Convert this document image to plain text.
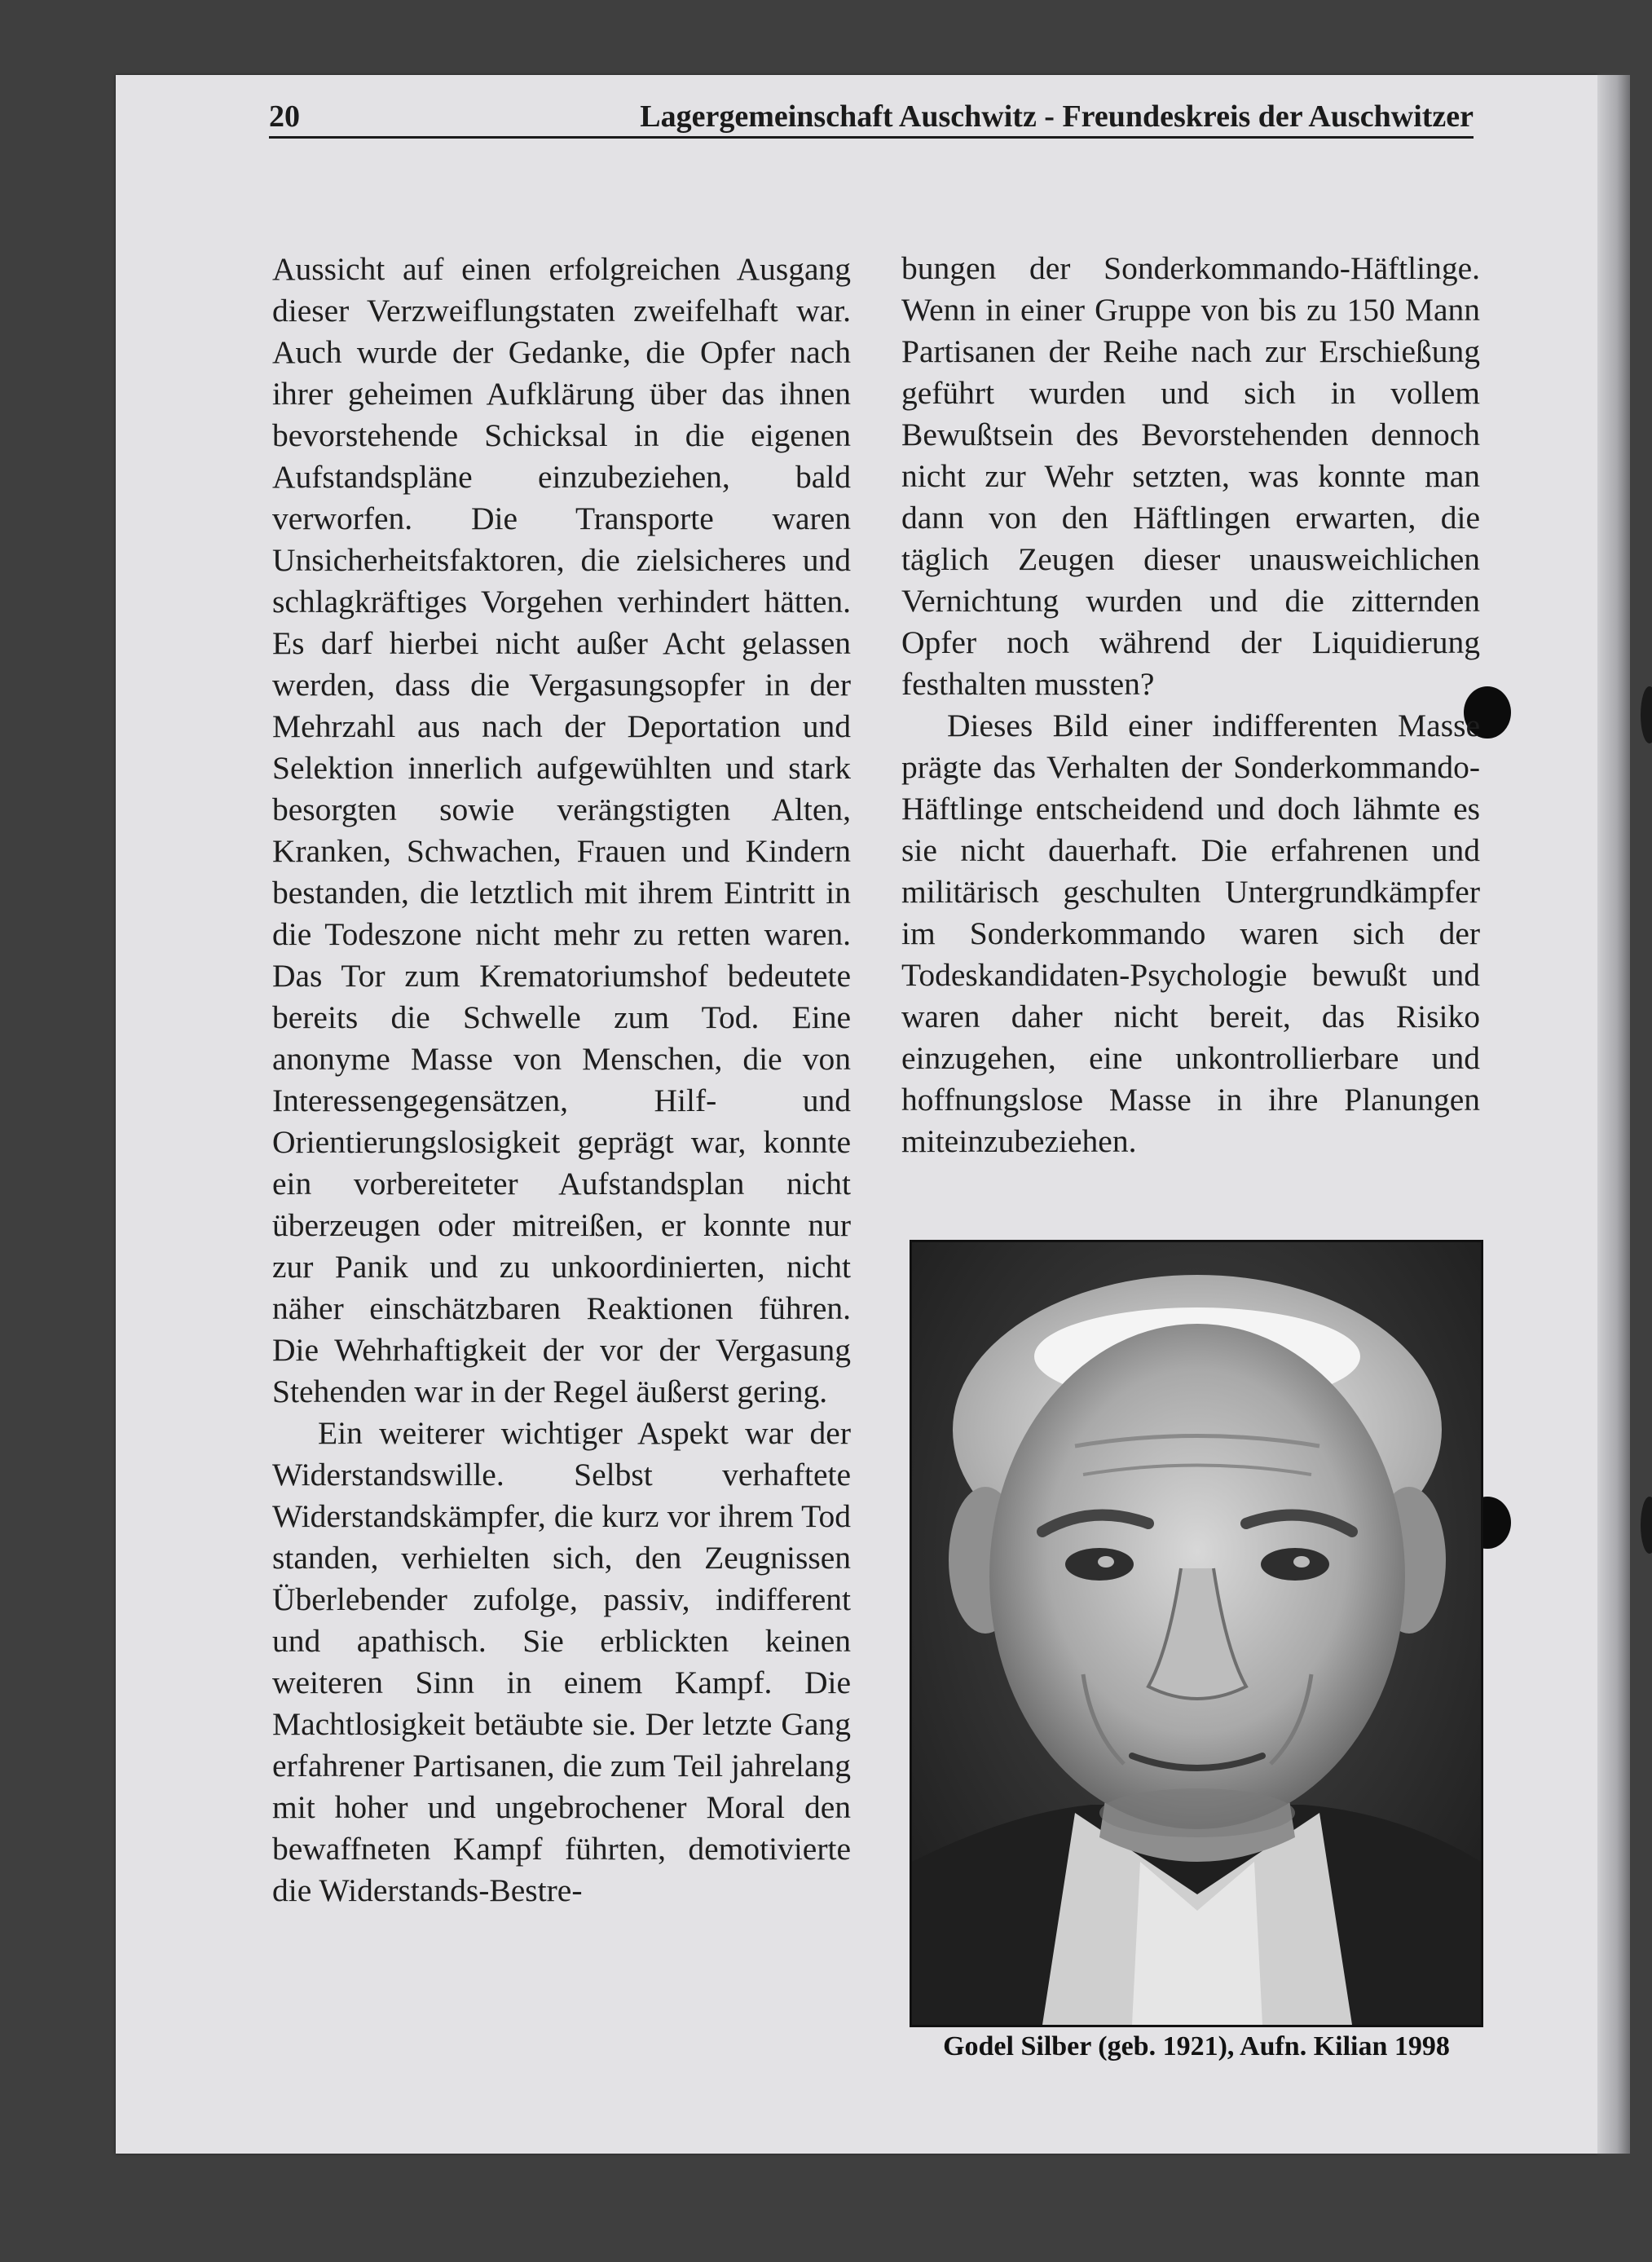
20	Lagergemeinschaft Auschwitz - Freundeskreis der Auschwitzer

Aussicht auf einen erfolgreichen Ausgang dieser Verzweiflungstaten zweifelhaft war. Auch wurde der Gedanke, die Opfer nach ihrer geheimen Aufklärung über das ihnen bevorstehende Schicksal in die eigenen Aufstandspläne einzubeziehen, bald verworfen. Die Transporte waren Unsicherheitsfaktoren, die zielsicheres und schlagkräftiges Vorgehen verhindert hätten. Es darf hierbei nicht außer Acht gelassen werden, dass die Vergasungsopfer in der Mehrzahl aus nach der Deportation und Selektion innerlich aufgewühlten und stark besorgten sowie verängstigten Alten, Kranken, Schwachen, Frauen und Kindern bestanden, die letztlich mit ihrem Eintritt in die Todeszone nicht mehr zu retten waren. Das Tor zum Krematoriumshof bedeutete bereits die Schwelle zum Tod. Eine anonyme Masse von Menschen, die von Interessengegensätzen, Hilf- und Orientierungslosigkeit geprägt war, konnte ein vorbereiteter Aufstandsplan nicht überzeugen oder mitreißen, er konnte nur zur Panik und zu unkoordinierten, nicht näher einschätzbaren Reaktionen führen. Die Wehrhaftigkeit der vor der Vergasung Stehenden war in der Regel äußerst gering.

Ein weiterer wichtiger Aspekt war der Widerstandswille. Selbst verhaftete Widerstandskämpfer, die kurz vor ihrem Tod standen, verhielten sich, den Zeugnissen Überlebender zufolge, passiv, indifferent und apathisch. Sie erblickten keinen weiteren Sinn in einem Kampf. Die Machtlosigkeit betäubte sie. Der letzte Gang erfahrener Partisanen, die zum Teil jahrelang mit hoher und ungebrochener Moral den bewaffneten Kampf führten, demotivierte die Widerstands-Bestre-

bungen der Sonderkommando-Häftlinge. Wenn in einer Gruppe von bis zu 150 Mann Partisanen der Reihe nach zur Erschießung geführt wurden und sich in vollem Bewußtsein des Bevorstehenden dennoch nicht zur Wehr setzten, was konnte man dann von den Häftlingen erwarten, die täglich Zeugen dieser unausweichlichen Vernichtung wurden und die zitternden Opfer noch während der Liquidierung festhalten mussten?

Dieses Bild einer indifferenten Masse prägte das Verhalten der Sonderkommando-Häftlinge entscheidend und doch lähmte es sie nicht dauerhaft. Die erfahrenen und militärisch geschulten Untergrundkämpfer im Sonderkommando waren sich der Todeskandidaten-Psychologie bewußt und waren daher nicht bereit, das Risiko einzugehen, eine unkontrollierbare und hoffnungslose Masse in ihre Planungen miteinzubeziehen.

Godel Silber (geb. 1921), Aufn. Kilian 1998
